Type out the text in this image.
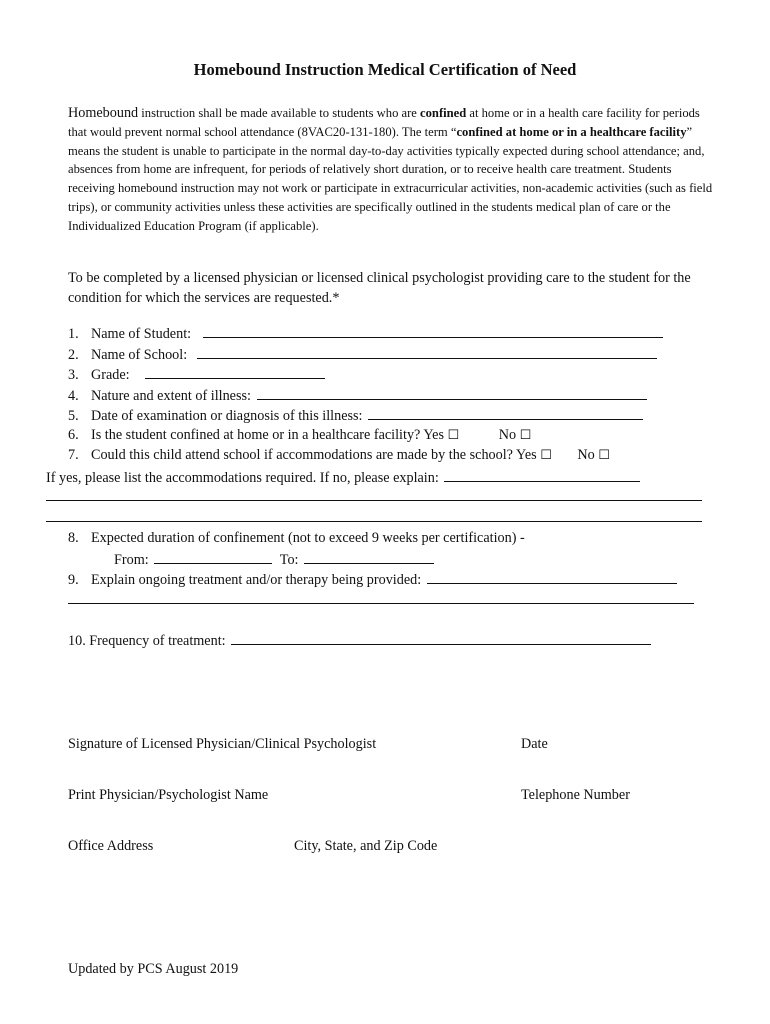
Homebound Instruction Medical Certification of Need
Homebound instruction shall be made available to students who are confined at home or in a health care facility for periods that would prevent normal school attendance (8VAC20-131-180). The term “confined at home or in a healthcare facility” means the student is unable to participate in the normal day-to-day activities typically expected during school attendance; and, absences from home are infrequent, for periods of relatively short duration, or to receive health care treatment. Students receiving homebound instruction may not work or participate in extracurricular activities, non-academic activities (such as field trips), or community activities unless these activities are specifically outlined in the students medical plan of care or the Individualized Education Program (if applicable).
To be completed by a licensed physician or licensed clinical psychologist providing care to the student for the condition for which the services are requested.*
1. Name of Student:
2. Name of School:
3. Grade:
4. Nature and extent of illness:
5. Date of examination or diagnosis of this illness:
6. Is the student confined at home or in a healthcare facility? Yes ☐	No ☐
7. Could this child attend school if accommodations are made by the school? Yes ☐ No ☐
If yes, please list the accommodations required. If no, please explain:
8. Expected duration of confinement (not to exceed 9 weeks per certification) -
From:	To:
9. Explain ongoing treatment and/or therapy being provided:
10. Frequency of treatment:
Signature of Licensed Physician/Clinical Psychologist	Date
Print Physician/Psychologist Name	Telephone Number
Office Address	City, State, and Zip Code
Updated by PCS August 2019
